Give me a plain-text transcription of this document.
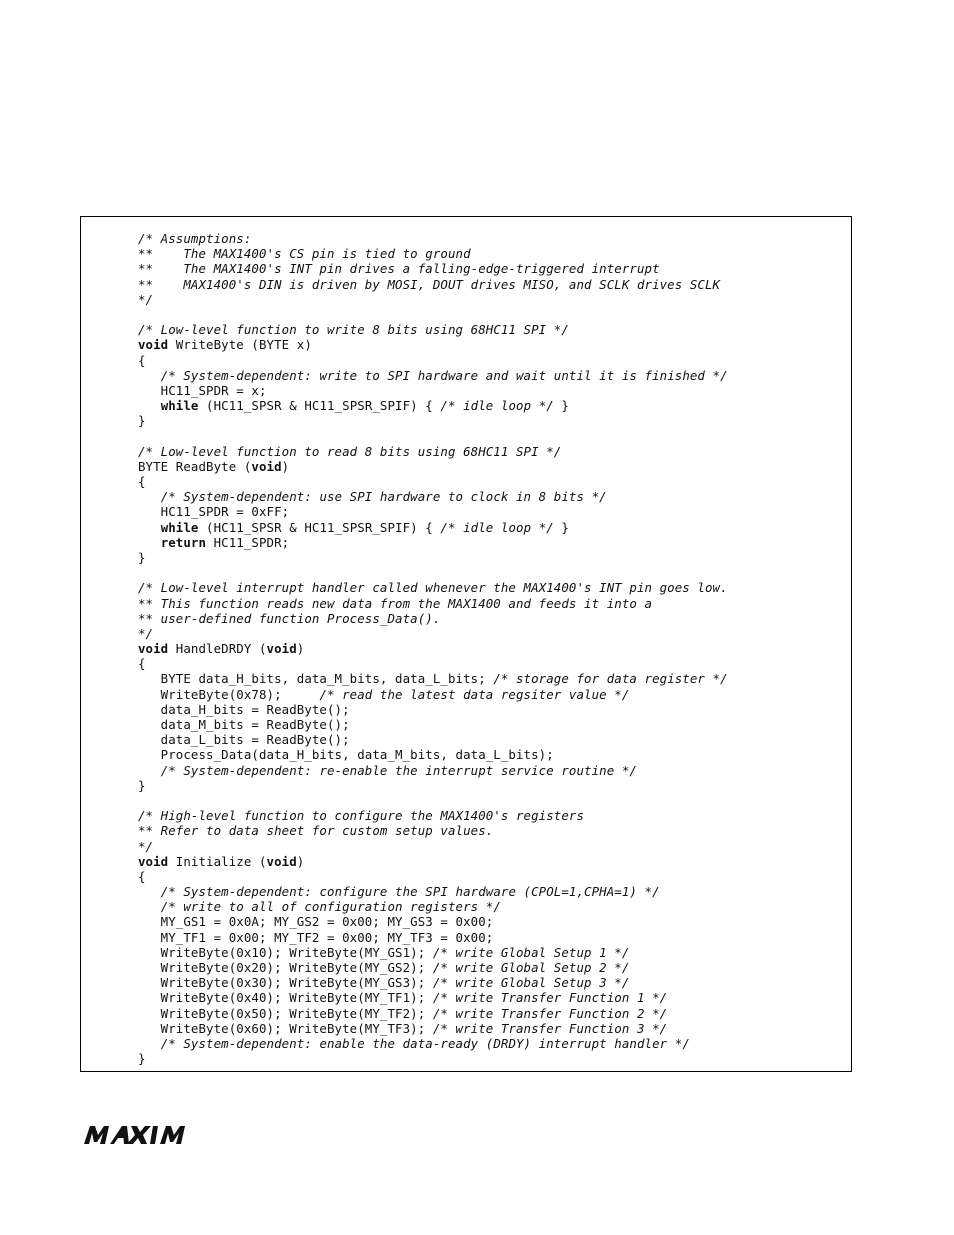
/* Assumptions:
**    The MAX1400's CS pin is tied to ground
**    The MAX1400's INT pin drives a falling-edge-triggered interrupt
**    MAX1400's DIN is driven by MOSI, DOUT drives MISO, and SCLK drives SCLK
*/
/* Low-level function to write 8 bits using 68HC11 SPI */
void WriteByte (BYTE x)
{
/* System-dependent: write to SPI hardware and wait until it is finished */
HC11_SPDR = x;
while (HC11_SPSR & HC11_SPSR_SPIF) { /* idle loop */ }
}
/* Low-level function to read 8 bits using 68HC11 SPI */
BYTE ReadByte (void)
{
/* System-dependent: use SPI hardware to clock in 8 bits */
HC11_SPDR = 0xFF;
while (HC11_SPSR & HC11_SPSR_SPIF) { /* idle loop */ }
return HC11_SPDR;
}
/* Low-level interrupt handler called whenever the MAX1400's INT pin goes low.
** This function reads new data from the MAX1400 and feeds it into a
** user-defined function Process_Data().
*/
void HandleDRDY (void)
{
BYTE data_H_bits, data_M_bits, data_L_bits; /* storage for data register */
WriteByte(0x78);     /* read the latest data regsiter value */
data_H_bits = ReadByte();
data_M_bits = ReadByte();
data_L_bits = ReadByte();
Process_Data(data_H_bits, data_M_bits, data_L_bits);
/* System-dependent: re-enable the interrupt service routine */
}
/* High-level function to configure the MAX1400's registers
** Refer to data sheet for custom setup values.
*/
void Initialize (void)
{
/* System-dependent: configure the SPI hardware (CPOL=1,CPHA=1) */
/* write to all of configuration registers */
MY_GS1 = 0x0A; MY_GS2 = 0x00; MY_GS3 = 0x00;
MY_TF1 = 0x00; MY_TF2 = 0x00; MY_TF3 = 0x00;
WriteByte(0x10); WriteByte(MY_GS1); /* write Global Setup 1 */
WriteByte(0x20); WriteByte(MY_GS2); /* write Global Setup 2 */
WriteByte(0x30); WriteByte(MY_GS3); /* write Global Setup 3 */
WriteByte(0x40); WriteByte(MY_TF1); /* write Transfer Function 1 */
WriteByte(0x50); WriteByte(MY_TF2); /* write Transfer Function 2 */
WriteByte(0x60); WriteByte(MY_TF3); /* write Transfer Function 3 */
/* System-dependent: enable the data-ready (DRDY) interrupt handler */
}
